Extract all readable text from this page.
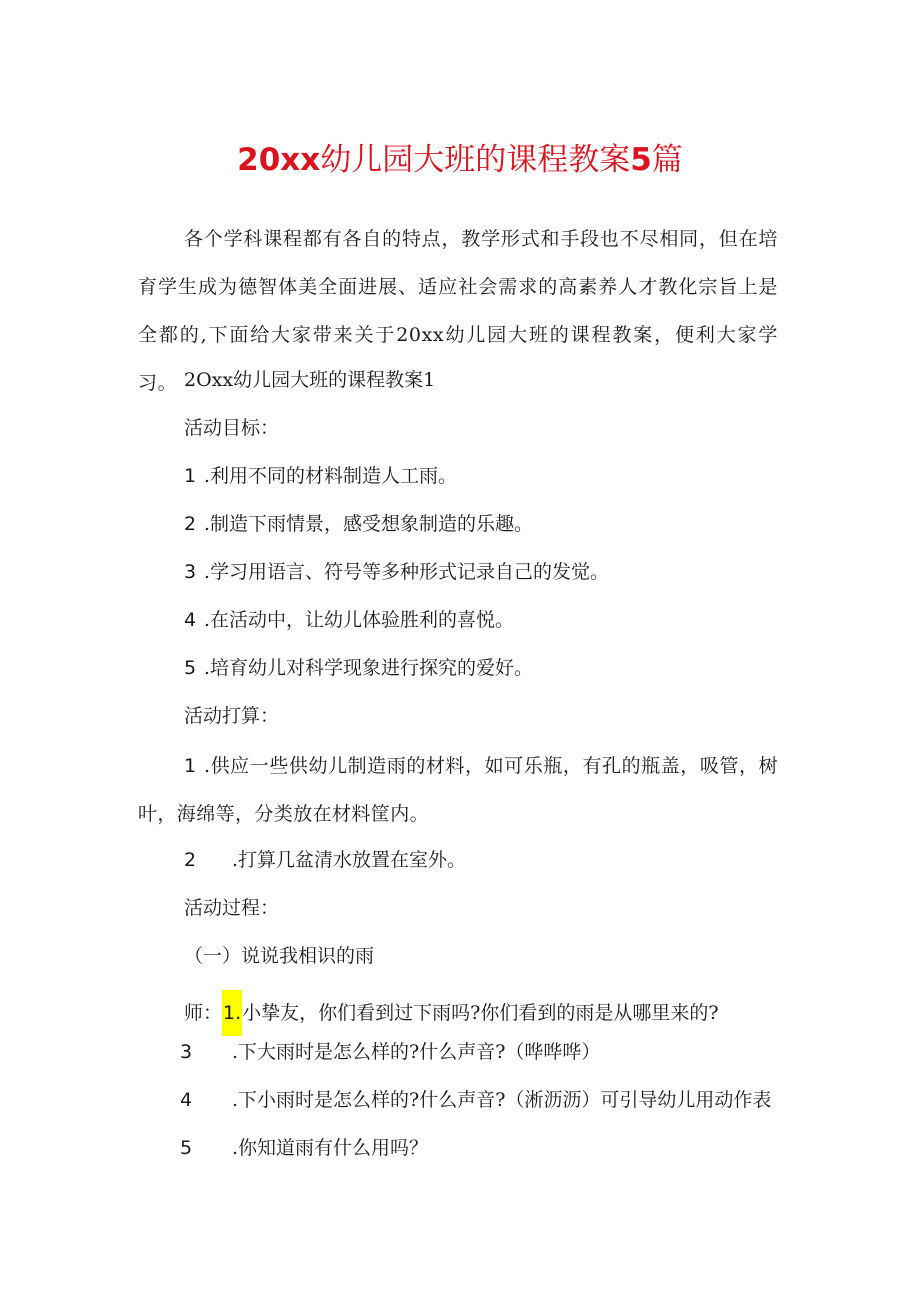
20xx幼儿园大班的课程教案5篇
各个学科课程都有各自的特点，教学形式和手段也不尽相同，但在培育学生成为德智体美全面进展、适应社会需求的高素养人才教化宗旨上是全都的,下面给大家带来关于20xx幼儿园大班的课程教案，便利大家学习。 2Oxx幼儿园大班的课程教案1
活动目标：
1 .利用不同的材料制造人工雨。
2 .制造下雨情景，感受想象制造的乐趣。
3 .学习用语言、符号等多种形式记录自己的发觉。
4 .在活动中，让幼儿体验胜利的喜悦。
5 .培育幼儿对科学现象进行探究的爱好。
活动打算：
1 .供应一些供幼儿制造雨的材料，如可乐瓶，有孔的瓶盖，吸管，树叶，海绵等，分类放在材料筐内。
2 .打算几盆清水放置在室外。
活动过程：
（一）说说我相识的雨
师：1.小挚友，你们看到过下雨吗?你们看到的雨是从哪里来的?
3 .下大雨时是怎么样的?什么声音?（哗哗哗）
4 .下小雨时是怎么样的?什么声音?（淅沥沥）可引导幼儿用动作表
5 .你知道雨有什么用吗？
